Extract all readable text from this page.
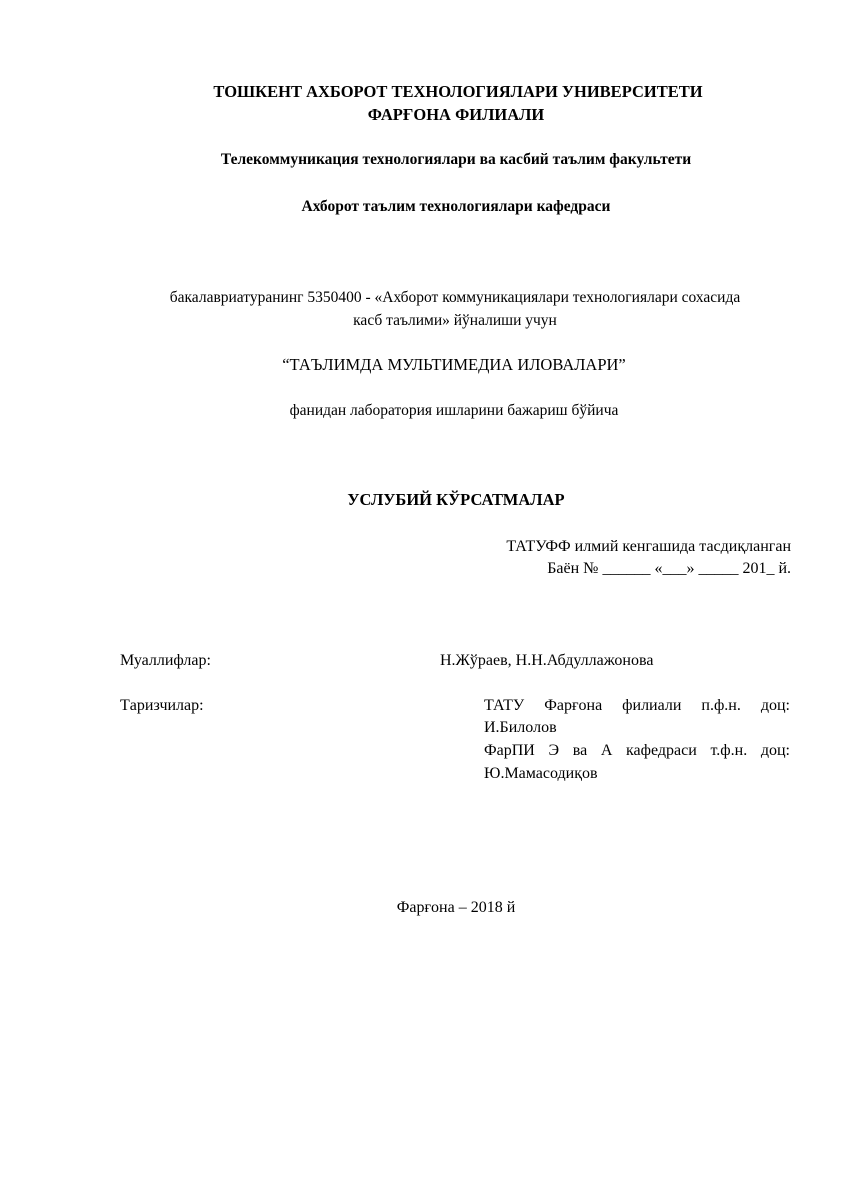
ТОШКЕНТ АХБОРОТ ТЕХНОЛОГИЯЛАРИ УНИВЕРСИТЕТИ
ФАРҒОНА ФИЛИАЛИ
Телекоммуникация технологиялари ва касбий таълим факультети
Ахборот таълим технологиялари кафедраси
бакалавриатуранинг 5350400 - «Ахборот коммуникациялари технологиялари сохасида
касб таълими» йўналиши учун
“ТАЪЛИМДА МУЛЬТИМЕДИА ИЛОВАЛАРИ”
фанидан лаборатория ишларини бажариш бўйича
УСЛУБИЙ КЎРСАТМАЛАР
ТАТУФФ илмий кенгашида тасдиқланган
Баён № ______ «___» _____ 201_ й.
Муаллифлар:	Н.Жўраев, Н.Н.Абдуллажонова
Тaризчилар:	ТАТУ Фарғона филиали п.ф.н. доц:
И.Билолов
ФарПИ Э ва А кафедраси т.ф.н. доц:
Ю.Мамасодиқов
Фарғона – 2018 й
